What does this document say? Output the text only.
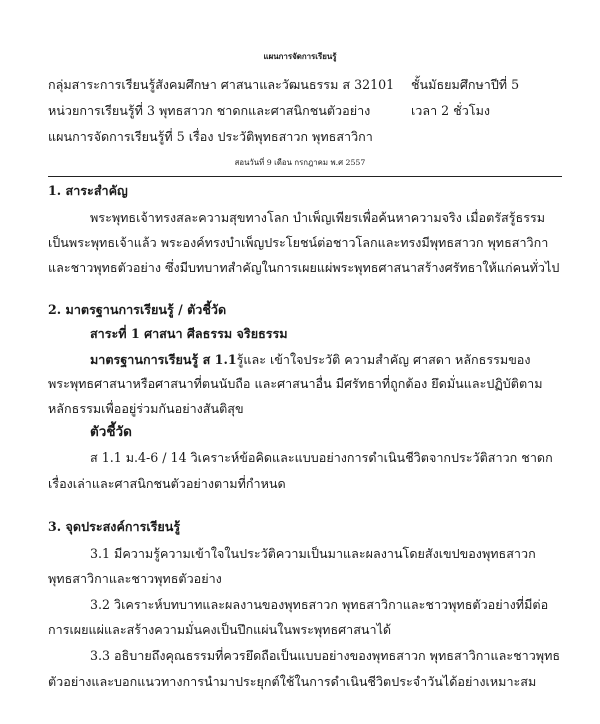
แผนการจัดการเรียนรู้
กลุ่มสาระการเรียนรู้สังคมศึกษา ศาสนาและวัฒนธรรม ส 32101 ชั้นมัธยมศึกษาปีที่ 5
หน่วยการเรียนรู้ที่ 3 พุทธสาวก ชาดกและศาสนิกชนตัวอย่าง	เวลา 2 ชั่วโมง
แผนการจัดการเรียนรู้ที่ 5 เรื่อง ประวัติพุทธสาวก พุทธสาวิกา
สอนวันที่ 9 เดือน กรกฎาคม พ.ศ 2557
1. สาระสำคัญ
พระพุทธเจ้าทรงสละความสุขทางโลก บำเพ็ญเพียรเพื่อค้นหาความจริง เมื่อตรัสรู้ธรรม
เป็นพระพุทธเจ้าแล้ว พระองค์ทรงบำเพ็ญประโยชน์ต่อชาวโลกและทรงมีพุทธสาวก พุทธสาวิกา
และชาวพุทธตัวอย่าง ซึ่งมีบทบาทสำคัญในการเผยแผ่พระพุทธศาสนาสร้างศรัทธาให้แก่คนทั่วไป
2. มาตรฐานการเรียนรู้ / ตัวชี้วัด
สาระที่ 1 ศาสนา ศีลธรรม จริยธรรม
มาตรฐานการเรียนรู้ ส 1.1รู้และ เข้าใจประวัติ ความสำคัญ ศาสดา หลักธรรมของ
พระพุทธศาสนาหรือศาสนาที่ตนนับถือ และศาสนาอื่น มีศรัทธาที่ถูกต้อง ยึดมั่นและปฏิบัติตาม
หลักธรรมเพื่ออยู่ร่วมกันอย่างสันติสุข
ตัวชี้วัด
ส 1.1 ม.4-6 / 14 วิเคราะห์ข้อคิดและแบบอย่างการดำเนินชีวิตจากประวัติสาวก ชาดก
เรื่องเล่าและศาสนิกชนตัวอย่างตามที่กำหนด
3. จุดประสงค์การเรียนรู้
3.1 มีความรู้ความเข้าใจในประวัติความเป็นมาและผลงานโดยสังเขปของพุทธสาวก
พุทธสาวิกาและชาวพุทธตัวอย่าง
3.2 วิเคราะห์บทบาทและผลงานของพุทธสาวก พุทธสาวิกาและชาวพุทธตัวอย่างที่มีต่อ
การเผยแผ่และสร้างความมั่นคงเป็นปึกแผ่นในพระพุทธศาสนาได้
3.3 อธิบายถึงคุณธรรมที่ควรยึดถือเป็นแบบอย่างของพุทธสาวก พุทธสาวิกาและชาวพุทธ
ตัวอย่างและบอกแนวทางการนำมาประยุกต์ใช้ในการดำเนินชีวิตประจำวันได้อย่างเหมาะสม
